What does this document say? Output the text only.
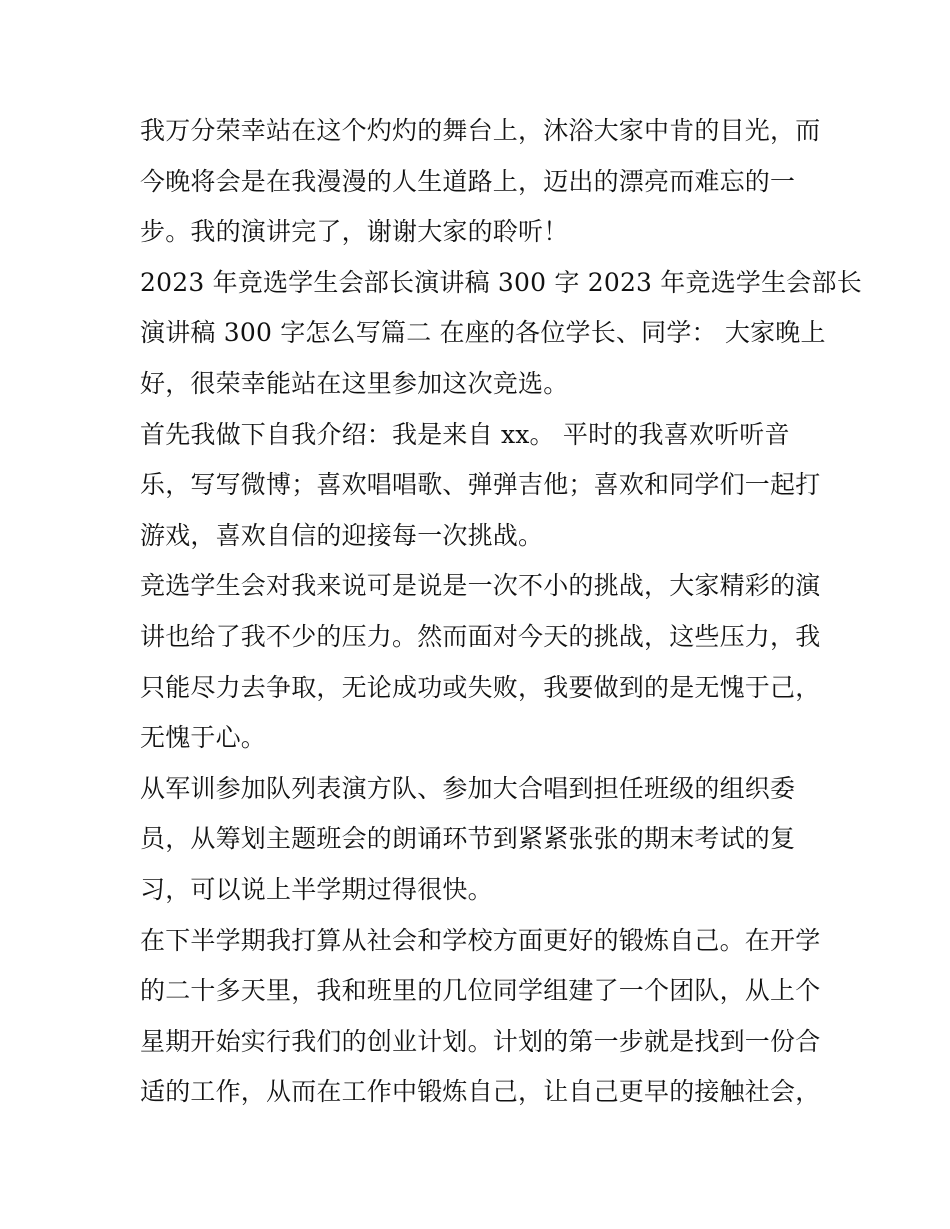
我万分荣幸站在这个灼灼的舞台上，沐浴大家中肯的目光，而
今晚将会是在我漫漫的人生道路上，迈出的漂亮而难忘的一
步。我的演讲完了，谢谢大家的聆听！
2023 年竞选学生会部长演讲稿 300 字 2023 年竞选学生会部长
演讲稿 300 字怎么写篇二 在座的各位学长、同学： 大家晚上
好，很荣幸能站在这里参加这次竞选。
首先我做下自我介绍：我是来自 xx。 平时的我喜欢听听音
乐，写写微博；喜欢唱唱歌、弹弹吉他；喜欢和同学们一起打
游戏，喜欢自信的迎接每一次挑战。
竞选学生会对我来说可是说是一次不小的挑战，大家精彩的演
讲也给了我不少的压力。然而面对今天的挑战，这些压力，我
只能尽力去争取，无论成功或失败，我要做到的是无愧于己，
无愧于心。
从军训参加队列表演方队、参加大合唱到担任班级的组织委
员，从筹划主题班会的朗诵环节到紧紧张张的期末考试的复
习，可以说上半学期过得很快。
在下半学期我打算从社会和学校方面更好的锻炼自己。在开学
的二十多天里，我和班里的几位同学组建了一个团队，从上个
星期开始实行我们的创业计划。计划的第一步就是找到一份合
适的工作，从而在工作中锻炼自己，让自己更早的接触社会，
